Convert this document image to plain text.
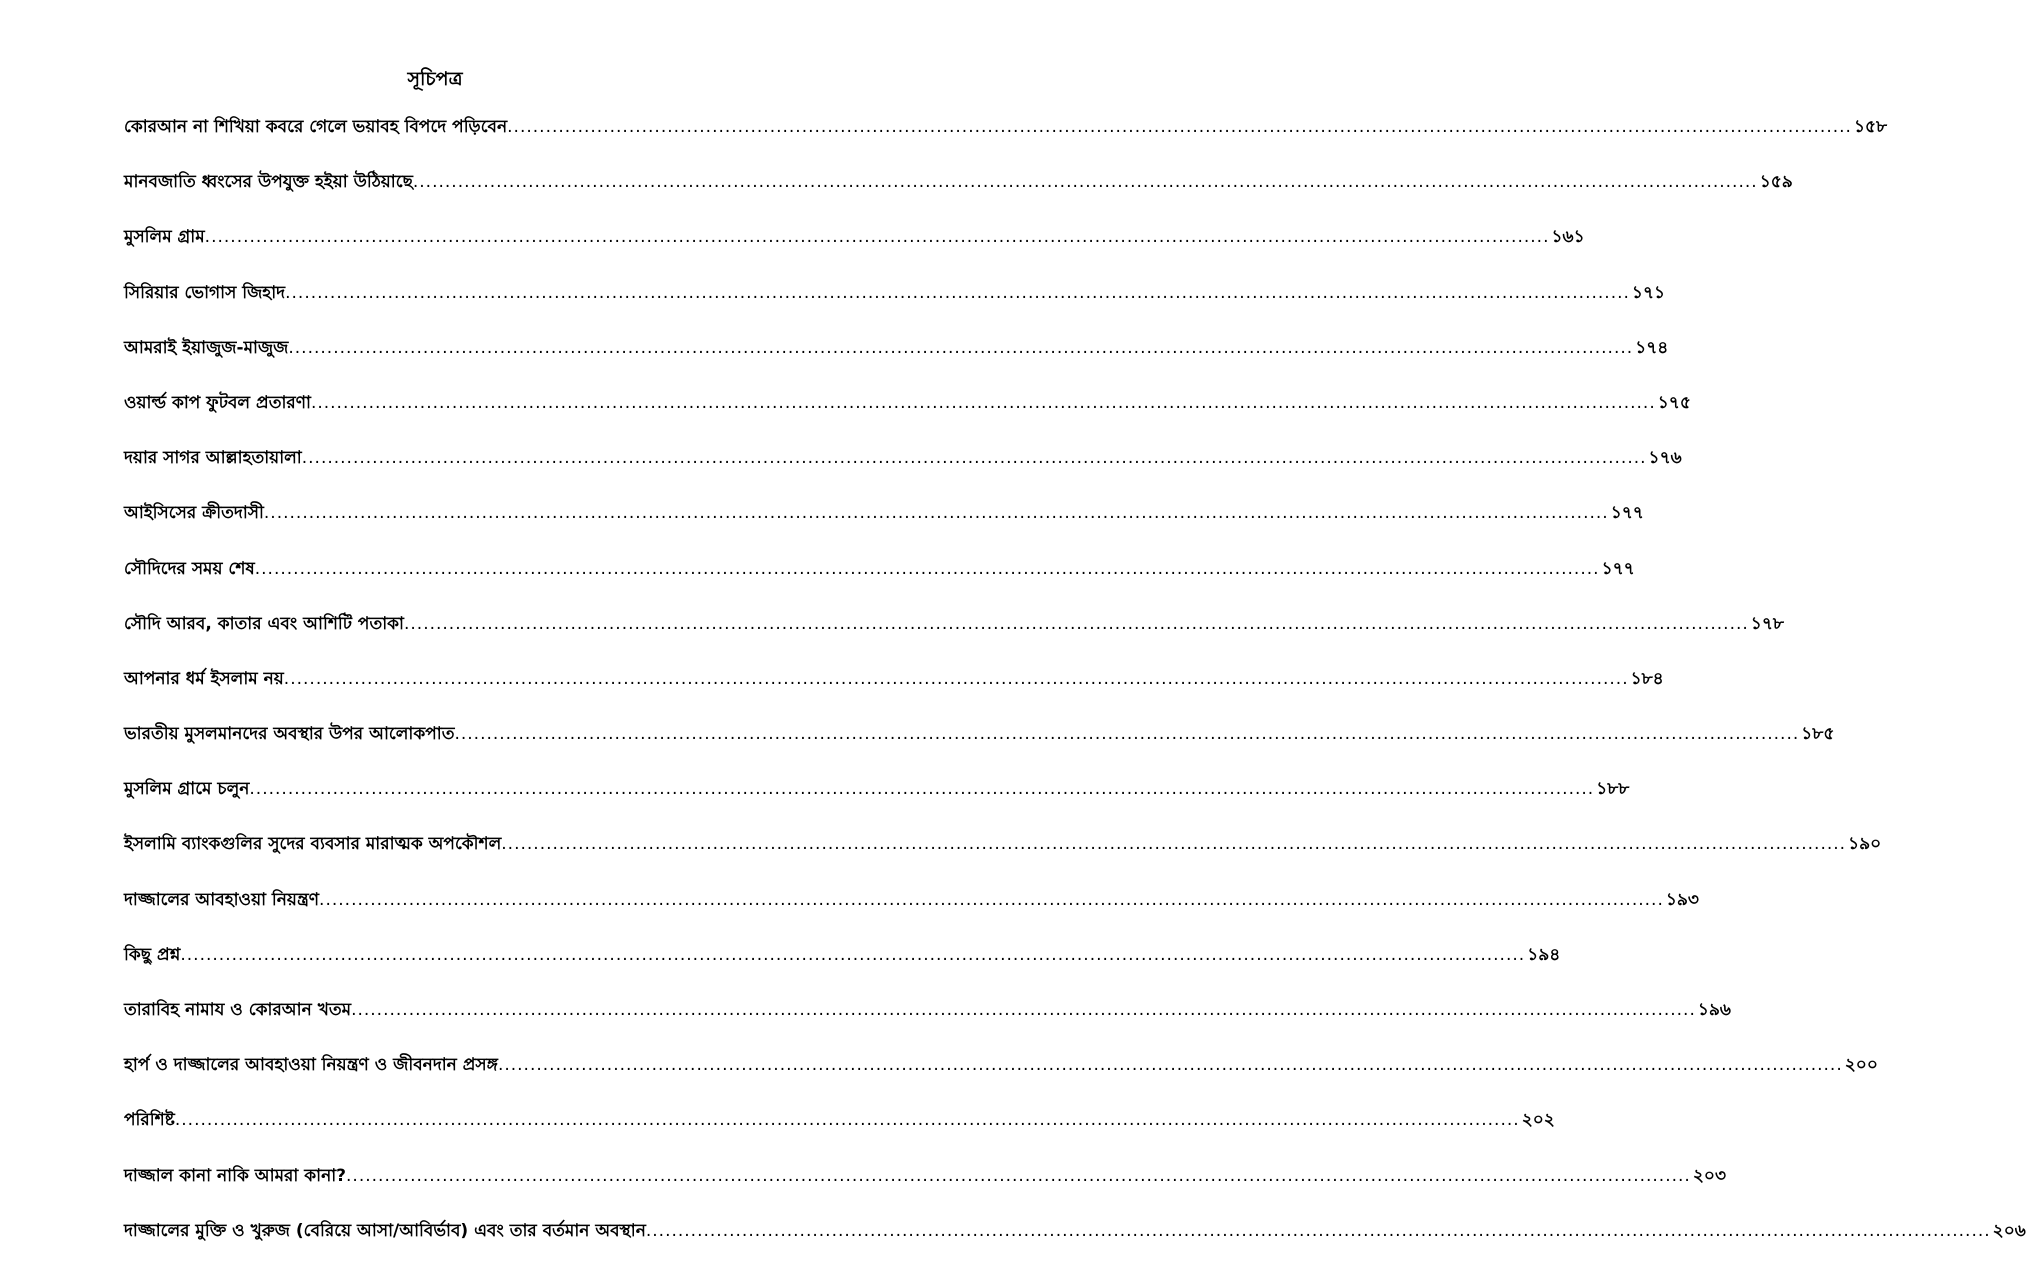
সূচিপত্র
কোরআন না শিখিয়া কবরে গেলে ভয়াবহ বিপদে পড়িবেন .....	১৫৮
মানবজাতি ধ্বংসের উপযুক্ত হইয়া উঠিয়াছে .....	১৫৯
মুসলিম গ্রাম .....	১৬১
সিরিয়ার ভোগাস জিহাদ .....	১৭১
আমরাই ইয়াজুজ-মাজুজ .....	১৭৪
ওয়ার্ল্ড কাপ ফুটবল প্রতারণা .....	১৭৫
দয়ার সাগর আল্লাহতায়ালা .....	১৭৬
আইসিসের ক্রীতদাসী .....	১৭৭
সৌদিদের সময় শেষ .....	১৭৭
সৌদি আরব, কাতার এবং আশিটি পতাকা .....	১৭৮
আপনার ধর্ম ইসলাম নয় .....	১৮৪
ভারতীয় মুসলমানদের অবস্থার উপর আলোকপাত .....	১৮৫
মুসলিম গ্রামে চলুন .....	১৮৮
ইসলামি ব্যাংকগুলির সুদের ব্যবসার মারাত্মক অপকৌশল .....	১৯০
দাজ্জালের আবহাওয়া নিয়ন্ত্রণ .....	১৯৩
কিছু প্রশ্ন .....	১৯৪
তারাবিহ নামায ও কোরআন খতম .....	১৯৬
হার্প ও দাজ্জালের আবহাওয়া নিয়ন্ত্রণ ও জীবনদান প্রসঙ্গ .....	২০০
পরিশিষ্ট .....	২০২
দাজ্জাল কানা নাকি আমরা কানা? .....	২০৩
দাজ্জালের মুক্তি ও খুরুজ (বেরিয়ে আসা/আবির্ভাব) এবং তার বর্তমান অবস্থান .....	২০৬
